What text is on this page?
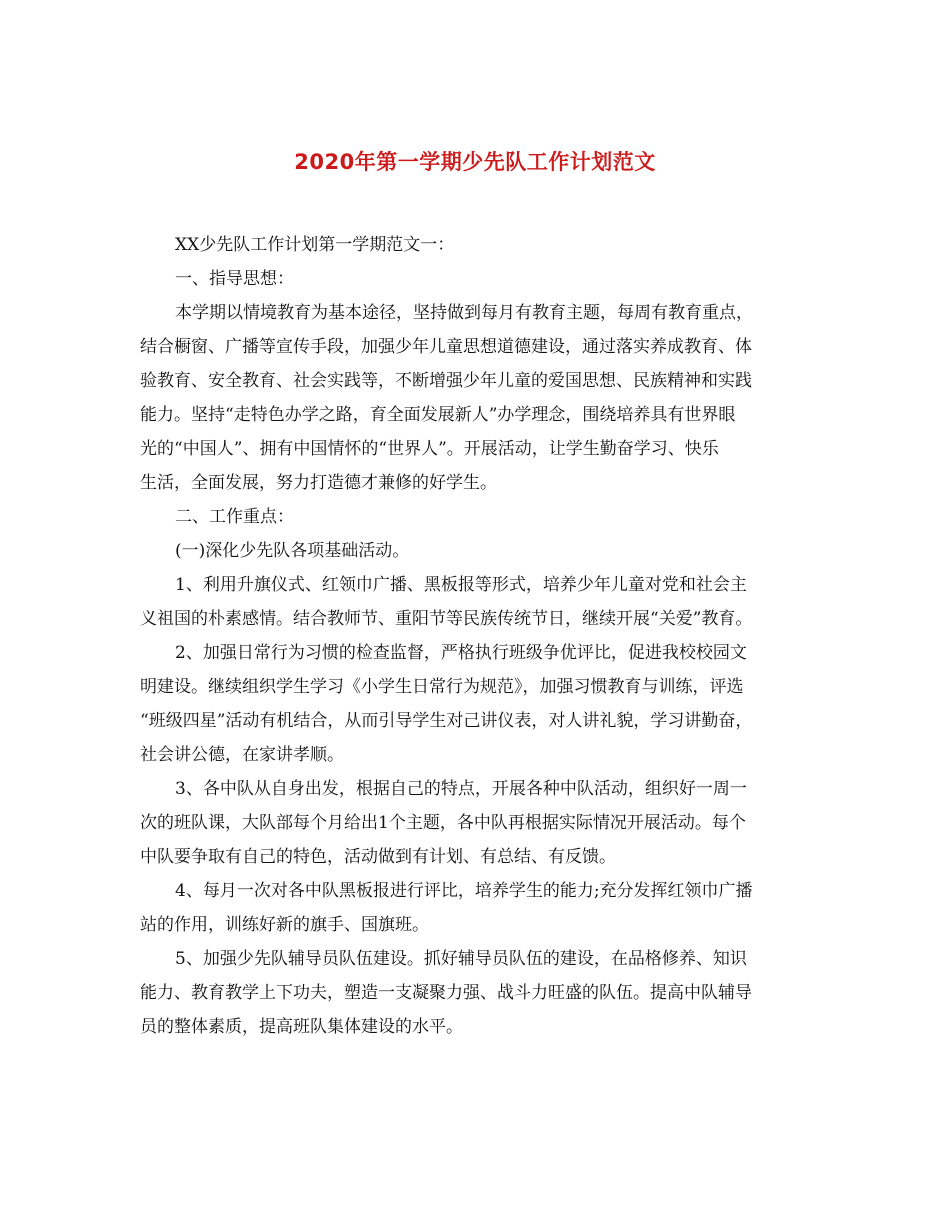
2020年第一学期少先队工作计划范文
XX少先队工作计划第一学期范文一：
一、指导思想：
本学期以情境教育为基本途径，坚持做到每月有教育主题，每周有教育重点，
结合橱窗、广播等宣传手段，加强少年儿童思想道德建设，通过落实养成教育、体
验教育、安全教育、社会实践等，不断增强少年儿童的爱国思想、民族精神和实践
能力。坚持“走特色办学之路，育全面发展新人”办学理念，围绕培养具有世界眼
光的“中国人”、拥有中国情怀的“世界人”。开展活动，让学生勤奋学习、快乐
生活，全面发展，努力打造德才兼修的好学生。
二、工作重点：
(一)深化少先队各项基础活动。
1、利用升旗仪式、红领巾广播、黑板报等形式，培养少年儿童对党和社会主
义祖国的朴素感情。结合教师节、重阳节等民族传统节日，继续开展“关爱”教育。
2、加强日常行为习惯的检查监督，严格执行班级争优评比，促进我校校园文
明建设。继续组织学生学习《小学生日常行为规范》，加强习惯教育与训练，评选
“班级四星”活动有机结合，从而引导学生对己讲仪表，对人讲礼貌，学习讲勤奋，
社会讲公德，在家讲孝顺。
3、各中队从自身出发，根据自己的特点，开展各种中队活动，组织好一周一
次的班队课，大队部每个月给出1个主题，各中队再根据实际情况开展活动。每个
中队要争取有自己的特色，活动做到有计划、有总结、有反馈。
4、每月一次对各中队黑板报进行评比，培养学生的能力;充分发挥红领巾广播
站的作用，训练好新的旗手、国旗班。
5、加强少先队辅导员队伍建设。抓好辅导员队伍的建设，在品格修养、知识
能力、教育教学上下功夫，塑造一支凝聚力强、战斗力旺盛的队伍。提高中队辅导
员的整体素质，提高班队集体建设的水平。
